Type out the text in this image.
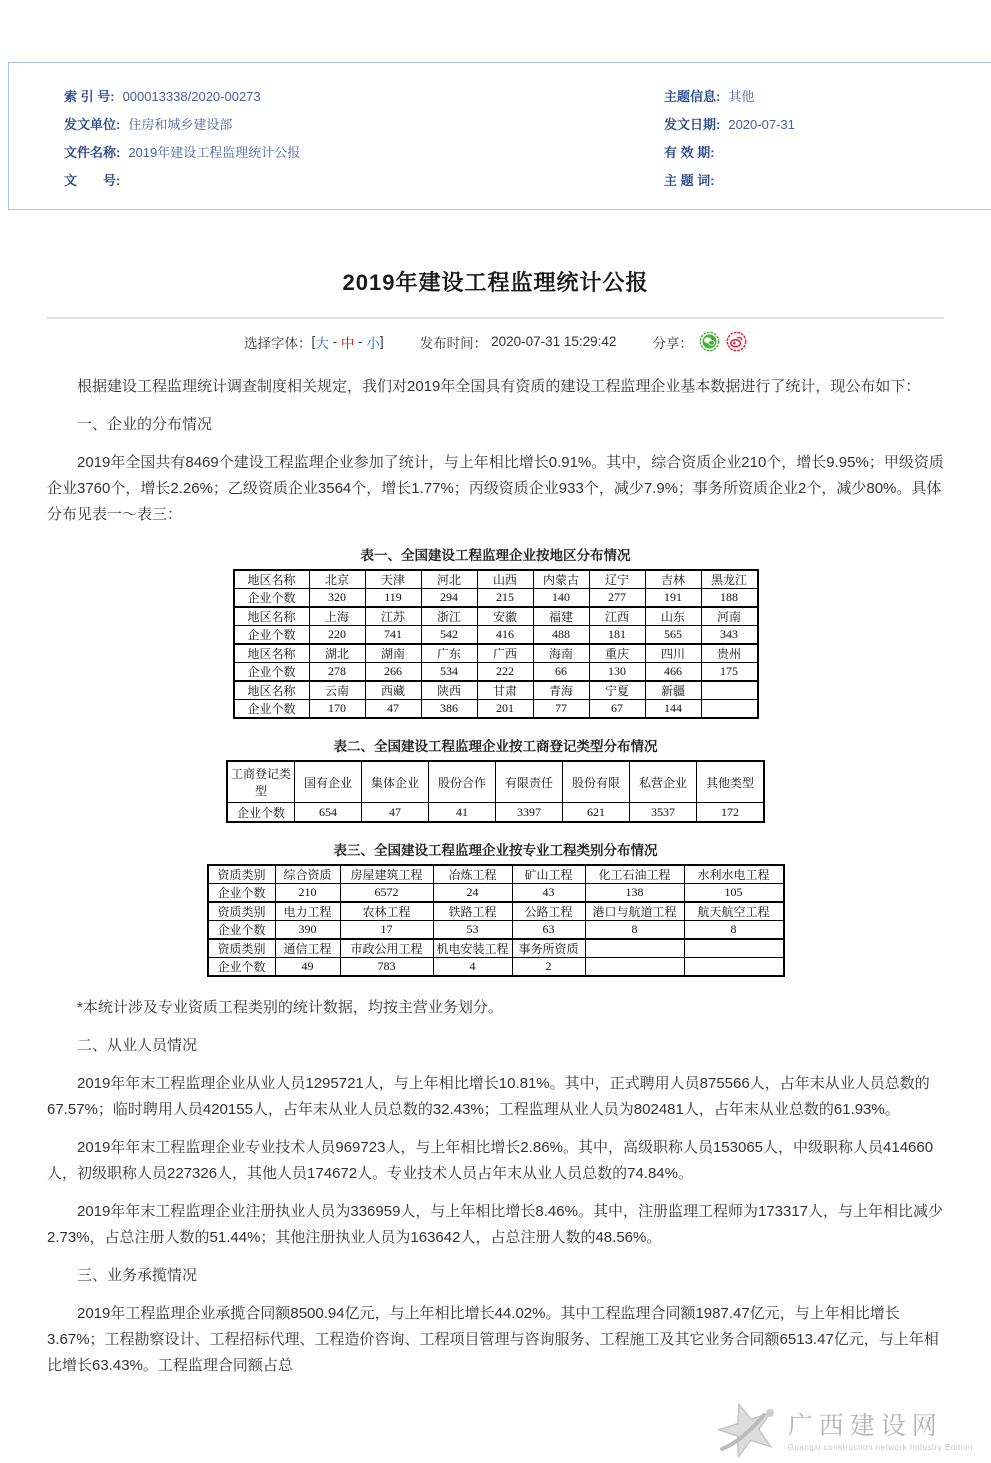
索 引 号: 000013338/2020-00273
发文单位: 住房和城乡建设部
文件名称: 2019年建设工程监理统计公报
文　　号:
主题信息: 其他
发文日期: 2020-07-31
有 效 期:
主 题 词:
2019年建设工程监理统计公报
选择字体： [ 大 - 中 - 小 ]	发布时间： 2020-07-31 15:29:42	分享：

根据建设工程监理统计调查制度相关规定，我们对2019年全国具有资质的建设工程监理企业基本数据进行了统计，现公布如下：

一、企业的分布情况

2019年全国共有8469个建设工程监理企业参加了统计，与上年相比增长0.91%。其中，综合资质企业210个，增长9.95%；甲级资质企业3760个，增长2.26%；乙级资质企业3564个，增长1.77%；丙级资质企业933个，减少7.9%；事务所资质企业2个，减少80%。具体分布见表一～表三：

表一、全国建设工程监理企业按地区分布情况
地区名称	北京	天津	河北	山西	内蒙古	辽宁	吉林	黑龙江
企业个数	320	119	294	215	140	277	191	188
地区名称	上海	江苏	浙江	安徽	福建	江西	山东	河南
企业个数	220	741	542	416	488	181	565	343
地区名称	湖北	湖南	广东	广西	海南	重庆	四川	贵州
企业个数	278	266	534	222	66	130	466	175
地区名称	云南	西藏	陕西	甘肃	青海	宁夏	新疆	
企业个数	170	47	386	201	77	67	144	
表二、全国建设工程监理企业按工商登记类型分布情况
工商登记类型	国有企业	集体企业	股份合作	有限责任	股份有限	私营企业	其他类型
企业个数	654	47	41	3397	621	3537	172
表三、全国建设工程监理企业按专业工程类别分布情况
资质类别	综合资质	房屋建筑工程	冶炼工程	矿山工程	化工石油工程	水利水电工程
企业个数	210	6572	24	43	138	105
资质类别	电力工程	农林工程	铁路工程	公路工程	港口与航道工程	航天航空工程
企业个数	390	17	53	63	8	8
资质类别	通信工程	市政公用工程	机电安装工程	事务所资质		
企业个数	49	783	4	2		

*本统计涉及专业资质工程类别的统计数据，均按主营业务划分。

二、从业人员情况

2019年年末工程监理企业从业人员1295721人，与上年相比增长10.81%。其中，正式聘用人员875566人，占年末从业人员总数的67.57%；临时聘用人员420155人，占年末从业人员总数的32.43%；工程监理从业人员为802481人，占年末从业总数的61.93%。

2019年年末工程监理企业专业技术人员969723人，与上年相比增长2.86%。其中，高级职称人员153065人，中级职称人员414660人，初级职称人员227326人，其他人员174672人。专业技术人员占年末从业人员总数的74.84%。

2019年年末工程监理企业注册执业人员为336959人，与上年相比增长8.46%。其中，注册监理工程师为173317人，与上年相比减少2.73%，占总注册人数的51.44%；其他注册执业人员为163642人，占总注册人数的48.56%。

三、业务承揽情况

2019年工程监理企业承揽合同额8500.94亿元，与上年相比增长44.02%。其中工程监理合同额1987.47亿元，与上年相比增长3.67%；工程勘察设计、工程招标代理、工程造价咨询、工程项目管理与咨询服务、工程施工及其它业务合同额6513.47亿元，与上年相比增长63.43%。工程监理合同额占总

广西建设网
Guangxi construction network Industry Edition
